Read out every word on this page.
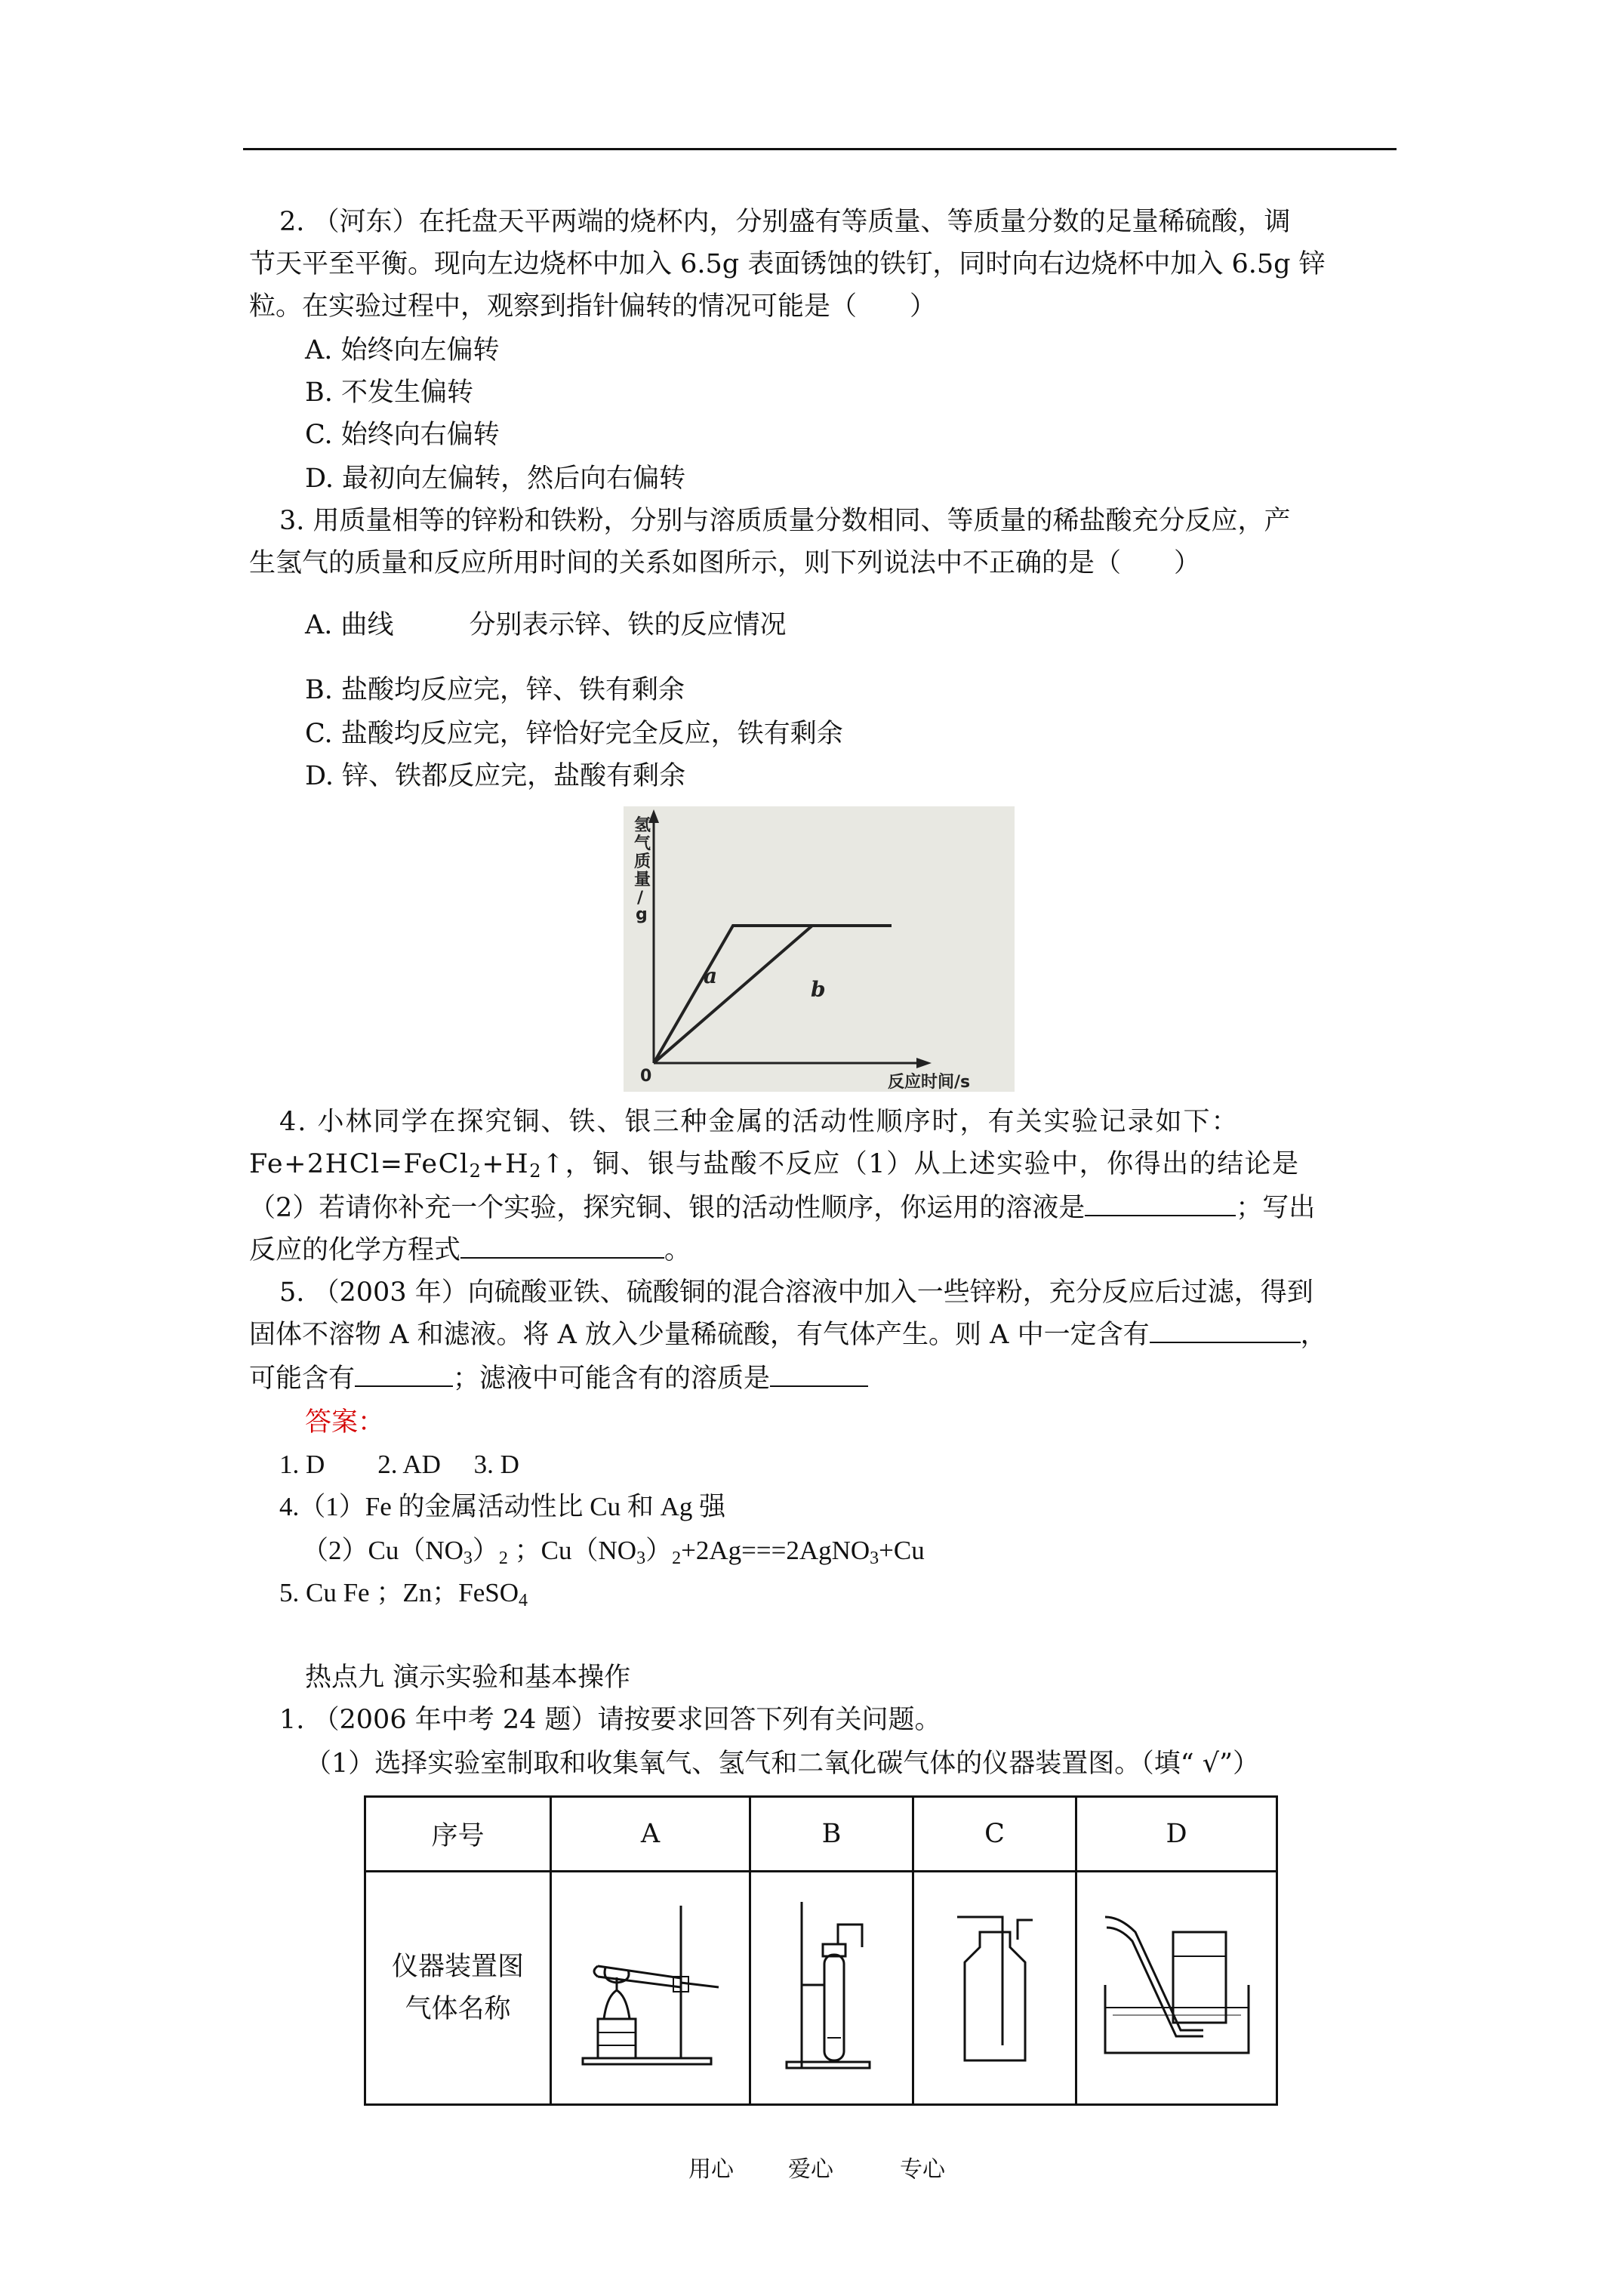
2. （河东）在托盘天平两端的烧杯内，分别盛有等质量、等质量分数的足量稀硫酸，调
节天平至平衡。现向左边烧杯中加入 6.5g 表面锈蚀的铁钉，同时向右边烧杯中加入 6.5g 锌
粒。在实验过程中，观察到指针偏转的情况可能是（　　）
A. 始终向左偏转
B. 不发生偏转
C. 始终向右偏转
D. 最初向左偏转，然后向右偏转
3. 用质量相等的锌粉和铁粉，分别与溶质质量分数相同、等质量的稀盐酸充分反应，产
生氢气的质量和反应所用时间的关系如图所示，则下列说法中不正确的是（　　）
A. 曲线	分别表示锌、铁的反应情况
B. 盐酸均反应完，锌、铁有剩余
C. 盐酸均反应完，锌恰好完全反应，铁有剩余
D. 锌、铁都反应完，盐酸有剩余
氢
气
质
量
/
g
0	反应时间/s
a
b
4. 小林同学在探究铜、铁、银三种金属的活动性顺序时，有关实验记录如下：
$Fe+2HCl=FeCl_2+H_2↑$，铜、银与盐酸不反应（1）从上述实验中，你得出的结论是
（2）若请你补充一个实验，探究铜、银的活动性顺序，你运用的溶液是	；写出
反应的化学方程式	。
5. （2003 年）向硫酸亚铁、硫酸铜的混合溶液中加入一些锌粉，充分反应后过滤，得到
固体不溶物 A 和滤液。将 A 放入少量稀硫酸，有气体产生。则 A 中一定含有	，
可能含有	；滤液中可能含有的溶质是
答案：
1. D　　2. AD　 3. D
4.（1）Fe 的金属活动性比 Cu 和 Ag 强
$(2)Cu(NO_3)_2$ ；$Cu(NO_3)_2+2Ag===2AgNO_3+Cu$
5. Cu Fe ；Zn；FeSO$_4$
热点九 演示实验和基本操作
1. （2006 年中考 24 题）请按要求回答下列有关问题。
（1）选择实验室制取和收集氧气、氢气和二氧化碳气体的仪器装置图。（填“ √”）
序号	A	B	C	D

仪器装置图
气体名称

用心 爱心	专心
